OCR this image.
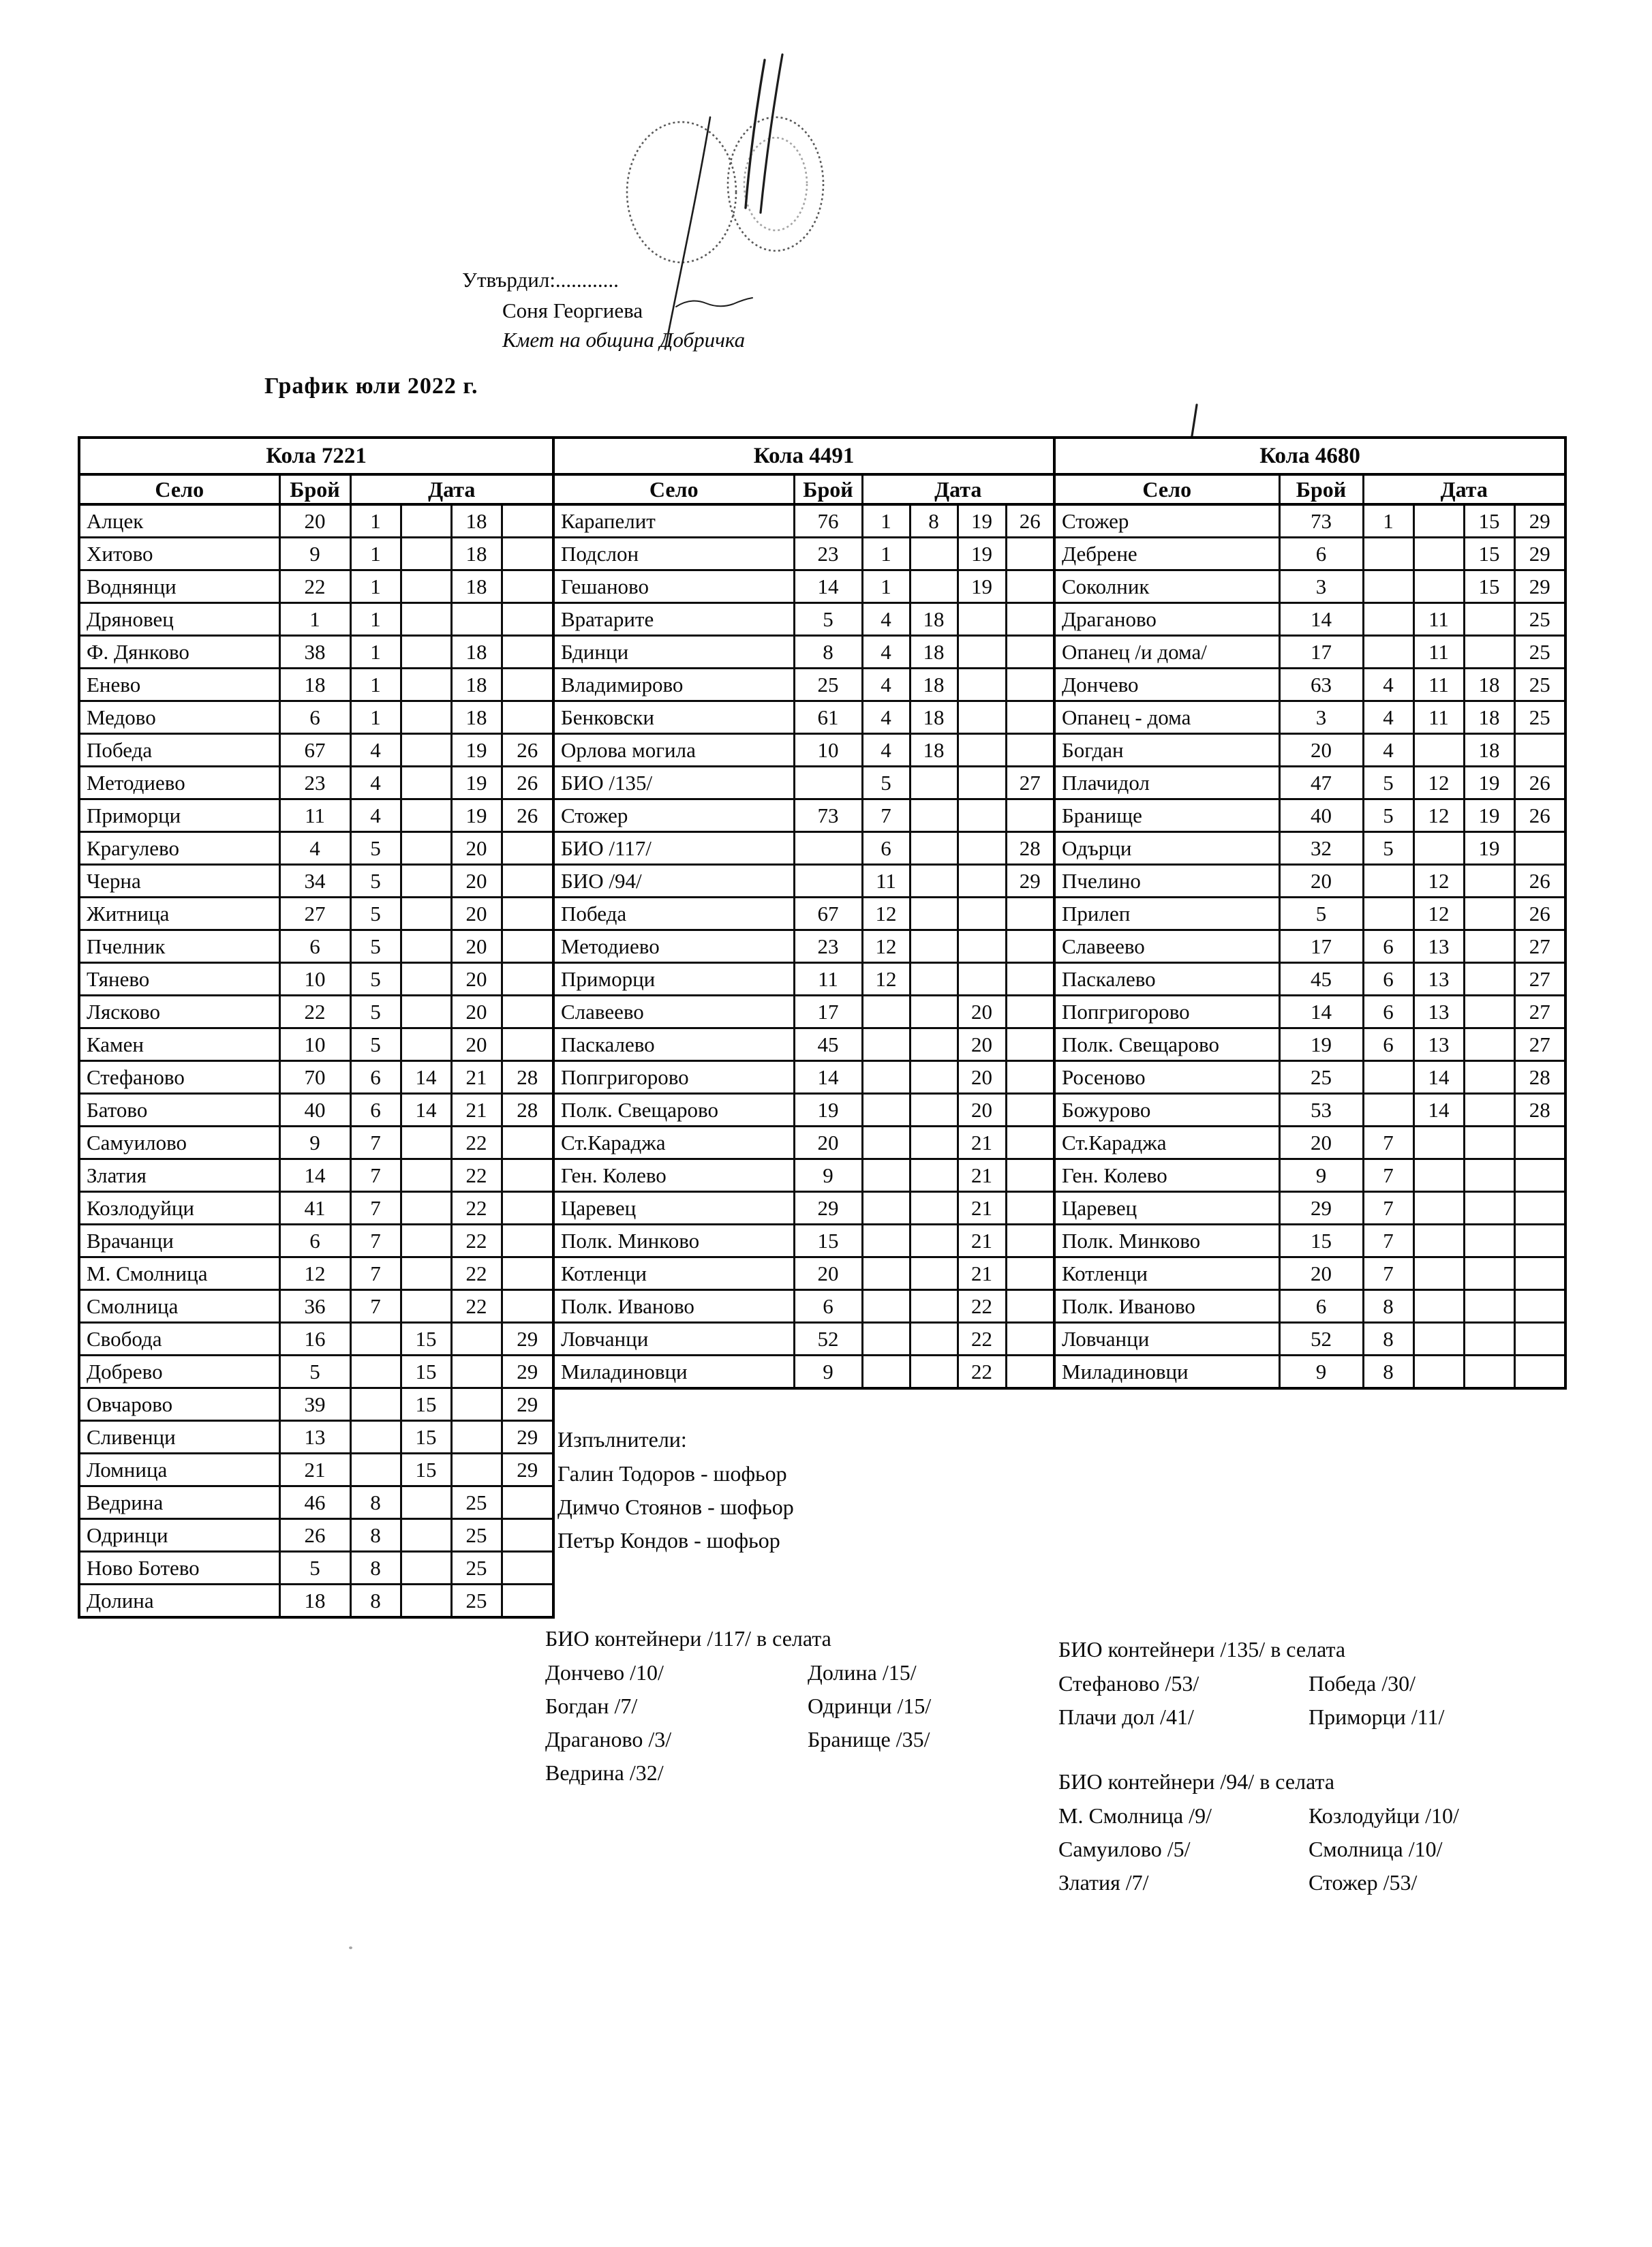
Утвърдил:............
Соня Георгиева
Кмет на община Добричка
График юли 2022 г.
Кола 7221					
Село	Брой	Дата			
Алцек	20	1		18	
Хитово	9	1		18	
Воднянци	22	1		18	
Дряновец	1	1			
Ф. Дянково	38	1		18	
Енево	18	1		18	
Медово	6	1		18	
Победа	67	4		19	26
Методиево	23	4		19	26
Приморци	11	4		19	26
Крагулево	4	5		20	
Черна	34	5		20	
Житница	27	5		20	
Пчелник	6	5		20	
Тянево	10	5		20	
Лясково	22	5		20	
Камен	10	5		20	
Стефаново	70	6	14	21	28
Батово	40	6	14	21	28
Самуилово	9	7		22	
Златия	14	7		22	
Козлодуйци	41	7		22	
Врачанци	6	7		22	
М. Смолница	12	7		22	
Смолница	36	7		22	
Свобода	16		15		29
Добрево	5		15		29
Овчарово	39		15		29
Сливенци	13		15		29
Ломница	21		15		29
Ведрина	46	8		25	
Одринци	26	8		25	
Ново Ботево	5	8		25	
Долина	18	8		25	
Кола 4491					
Село	Брой	Дата			
Карапелит	76	1	8	19	26
Подслон	23	1		19	
Гешаново	14	1		19	
Вратарите	5	4	18		
Бдинци	8	4	18		
Владимирово	25	4	18		
Бенковски	61	4	18		
Орлова могила	10	4	18		
БИО /135/		5			27
Стожер	73	7			
БИО /117/		6			28
БИО /94/		11			29
Победа	67	12			
Методиево	23	12			
Приморци	11	12			
Славеево	17			20	
Паскалево	45			20	
Попгригорово	14			20	
Полк. Свещарово	19			20	
Ст.Караджа	20			21	
Ген. Колево	9			21	
Царевец	29			21	
Полк. Минково	15			21	
Котленци	20			21	
Полк. Иваново	6			22	
Ловчанци	52			22	
Миладиновци	9			22	
Кола 4680					
Село	Брой	Дата			
Стожер	73	1		15	29
Дебрене	6			15	29
Соколник	3			15	29
Драганово	14		11		25
Опанец /и дома/	17		11		25
Дончево	63	4	11	18	25
Опанец - дома	3	4	11	18	25
Богдан	20	4		18	
Плачидол	47	5	12	19	26
Бранище	40	5	12	19	26
Одърци	32	5		19	
Пчелино	20		12		26
Прилеп	5		12		26
Славеево	17	6	13		27
Паскалево	45	6	13		27
Попгригорово	14	6	13		27
Полк. Свещарово	19	6	13		27
Росеново	25		14		28
Божурово	53		14		28
Ст.Караджа	20	7			
Ген. Колево	9	7			
Царевец	29	7			
Полк. Минково	15	7			
Котленци	20	7			
Полк. Иваново	6	8			
Ловчанци	52	8			
Миладиновци	9	8			
Изпълнители:
Галин Тодоров - шофьор
Димчо Стоянов - шофьор
Петър Кондов - шофьор
БИО контейнери /117/ в селата
Дончево /10/
Богдан /7/
Драганово /3/
Ведрина /32/
Долина /15/
Одринци /15/
Бранище /35/
БИО контейнери /135/ в селата
Стефаново /53/
Плачи дол /41/
Победа /30/
Приморци /11/
БИО контейнери /94/ в селата
М. Смолница /9/
Самуилово /5/
Златия /7/
Козлодуйци /10/
Смолница /10/
Стожер /53/
